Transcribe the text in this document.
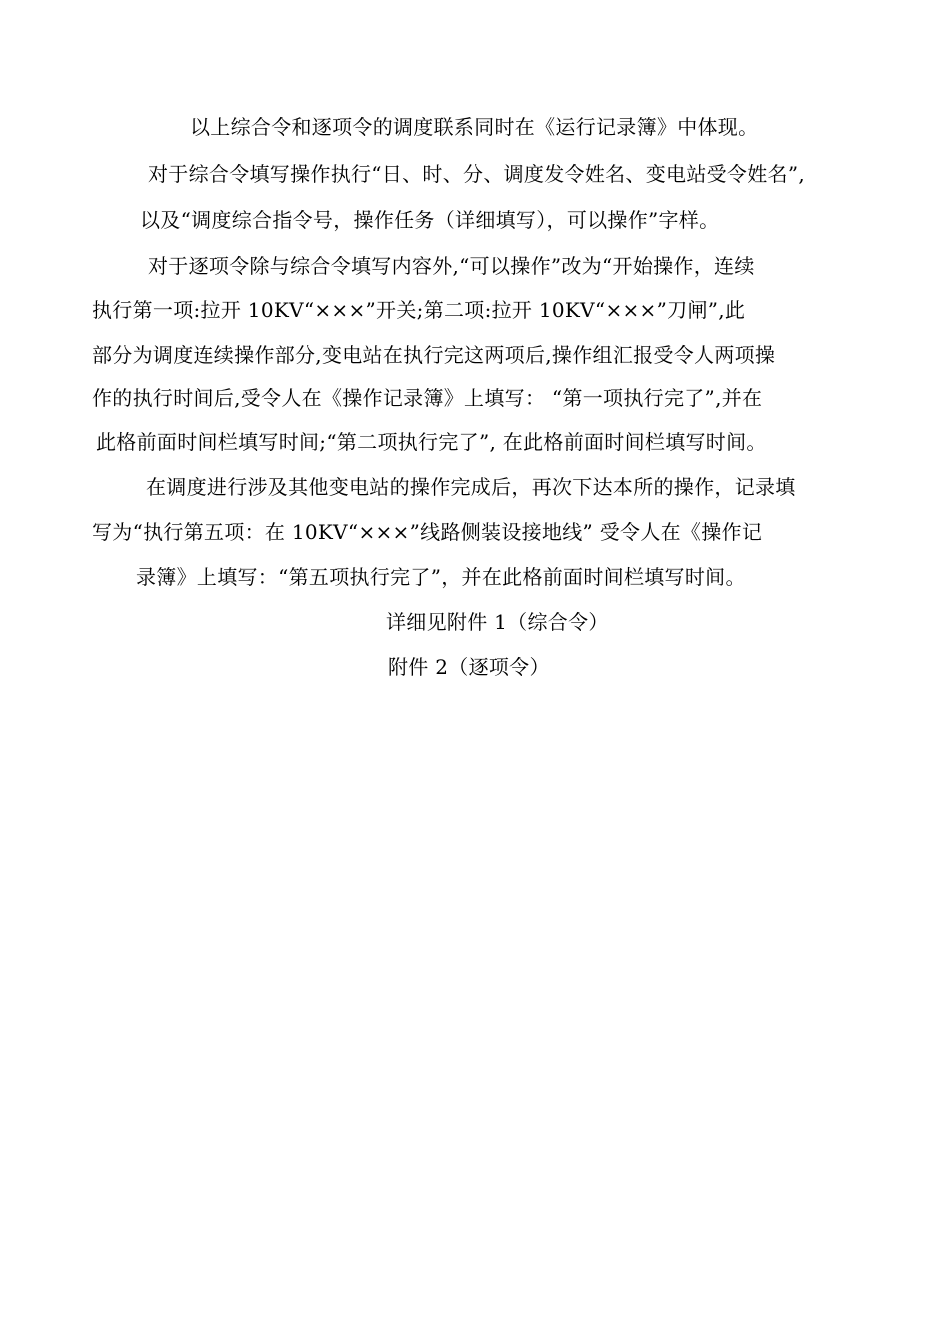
以上综合令和逐项令的调度联系同时在《运行记录簿》中体现。
对于综合令填写操作执行“日、时、分、调度发令姓名、变电站受令姓名”,
以及“调度综合指令号，操作任务（详细填写），可以操作”字样。
对于逐项令除与综合令填写内容外,“可以操作”改为“开始操作，连续
执行第一项:拉开 10KV“×××”开关;第二项:拉开 10KV“×××”刀闸”,此
部分为调度连续操作部分,变电站在执行完这两项后,操作组汇报受令人两项操
作的执行时间后,受令人在《操作记录簿》上填写： “第一项执行完了”,并在
此格前面时间栏填写时间;“第二项执行完了”, 在此格前面时间栏填写时间。
在调度进行涉及其他变电站的操作完成后，再次下达本所的操作，记录填
写为“执行第五项：在 10KV“×××”线路侧装设接地线” 受令人在《操作记
录簿》上填写：“第五项执行完了”，并在此格前面时间栏填写时间。
详细见附件 1（综合令）
附件 2（逐项令）
